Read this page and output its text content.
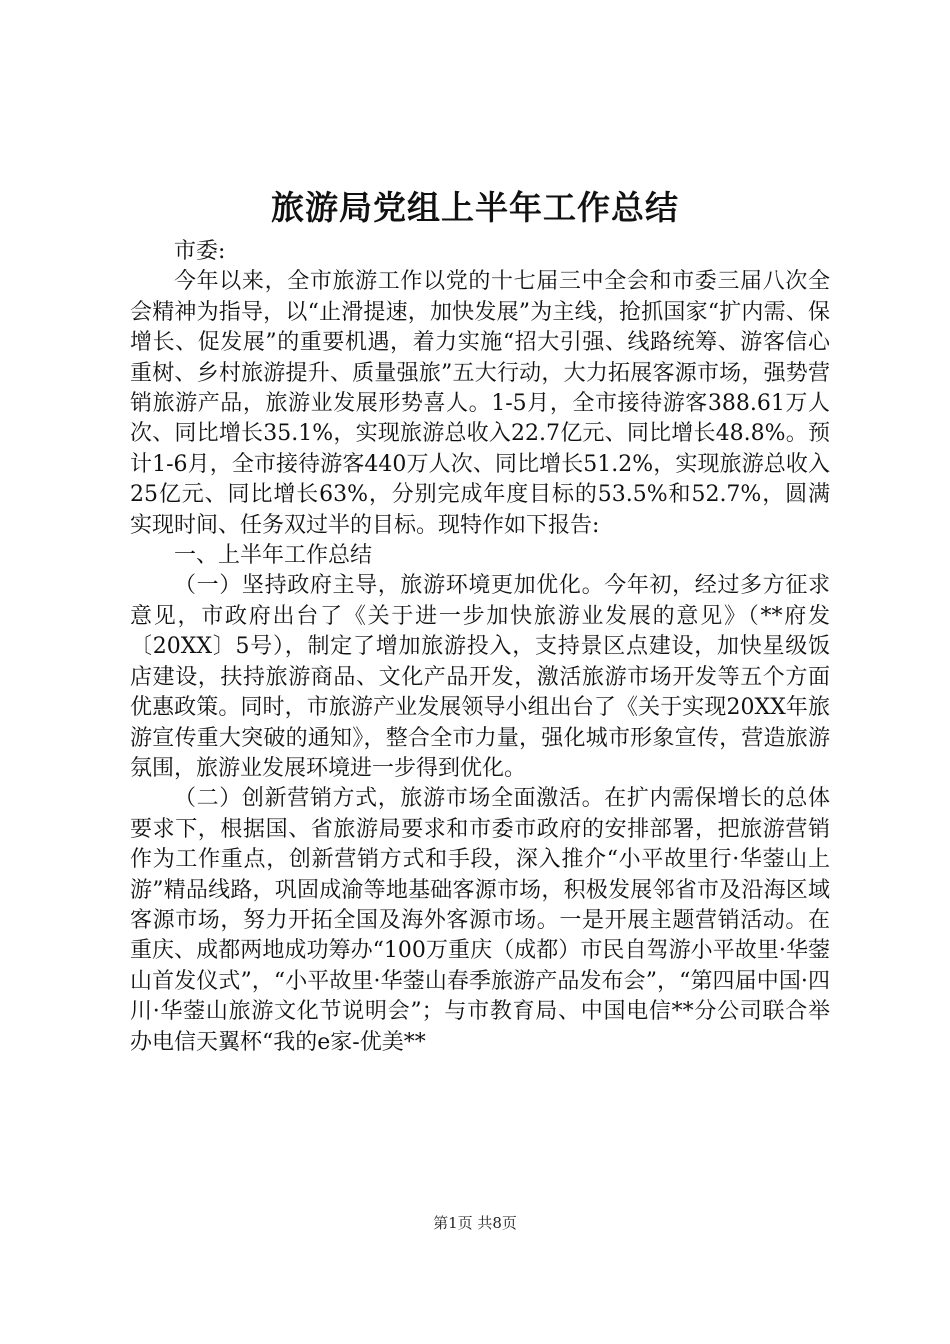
旅游局党组上半年工作总结

市委:

今年以来，全市旅游工作以党的十七届三中全会和市委三届八次全会精神为指导，以“止滑提速，加快发展”为主线，抢抓国家“扩内需、保增长、促发展”的重要机遇，着力实施“招大引强、线路统筹、游客信心重树、乡村旅游提升、质量强旅”五大行动，大力拓展客源市场，强势营销旅游产品，旅游业发展形势喜人。1-5月，全市接待游客388.61万人次、同比增长35.1%，实现旅游总收入22.7亿元、同比增长48.8%。预计1-6月，全市接待游客440万人次、同比增长51.2%，实现旅游总收入25亿元、同比增长63%，分别完成年度目标的53.5%和52.7%，圆满实现时间、任务双过半的目标。现特作如下报告:

一、上半年工作总结

（一）坚持政府主导，旅游环境更加优化。今年初，经过多方征求意见，市政府出台了《关于进一步加快旅游业发展的意见》（**府发〔20XX〕5号），制定了增加旅游投入，支持景区点建设，加快星级饭店建设，扶持旅游商品、文化产品开发，激活旅游市场开发等五个方面优惠政策。同时，市旅游产业发展领导小组出台了《关于实现20XX年旅游宣传重大突破的通知》，整合全市力量，强化城市形象宣传，营造旅游氛围，旅游业发展环境进一步得到优化。

（二）创新营销方式，旅游市场全面激活。在扩内需保增长的总体要求下，根据国、省旅游局要求和市委市政府的安排部署，把旅游营销作为工作重点，创新营销方式和手段，深入推介“小平故里行·华蓥山上游”精品线路，巩固成渝等地基础客源市场，积极发展邻省市及沿海区域客源市场，努力开拓全国及海外客源市场。一是开展主题营销活动。在重庆、成都两地成功筹办“100万重庆（成都）市民自驾游小平故里·华蓥山首发仪式”，“小平故里·华蓥山春季旅游产品发布会”，“第四届中国·四川·华蓥山旅游文化节说明会”；与市教育局、中国电信**分公司联合举办电信天翼杯“我的e家-优美**

第1页 共8页
